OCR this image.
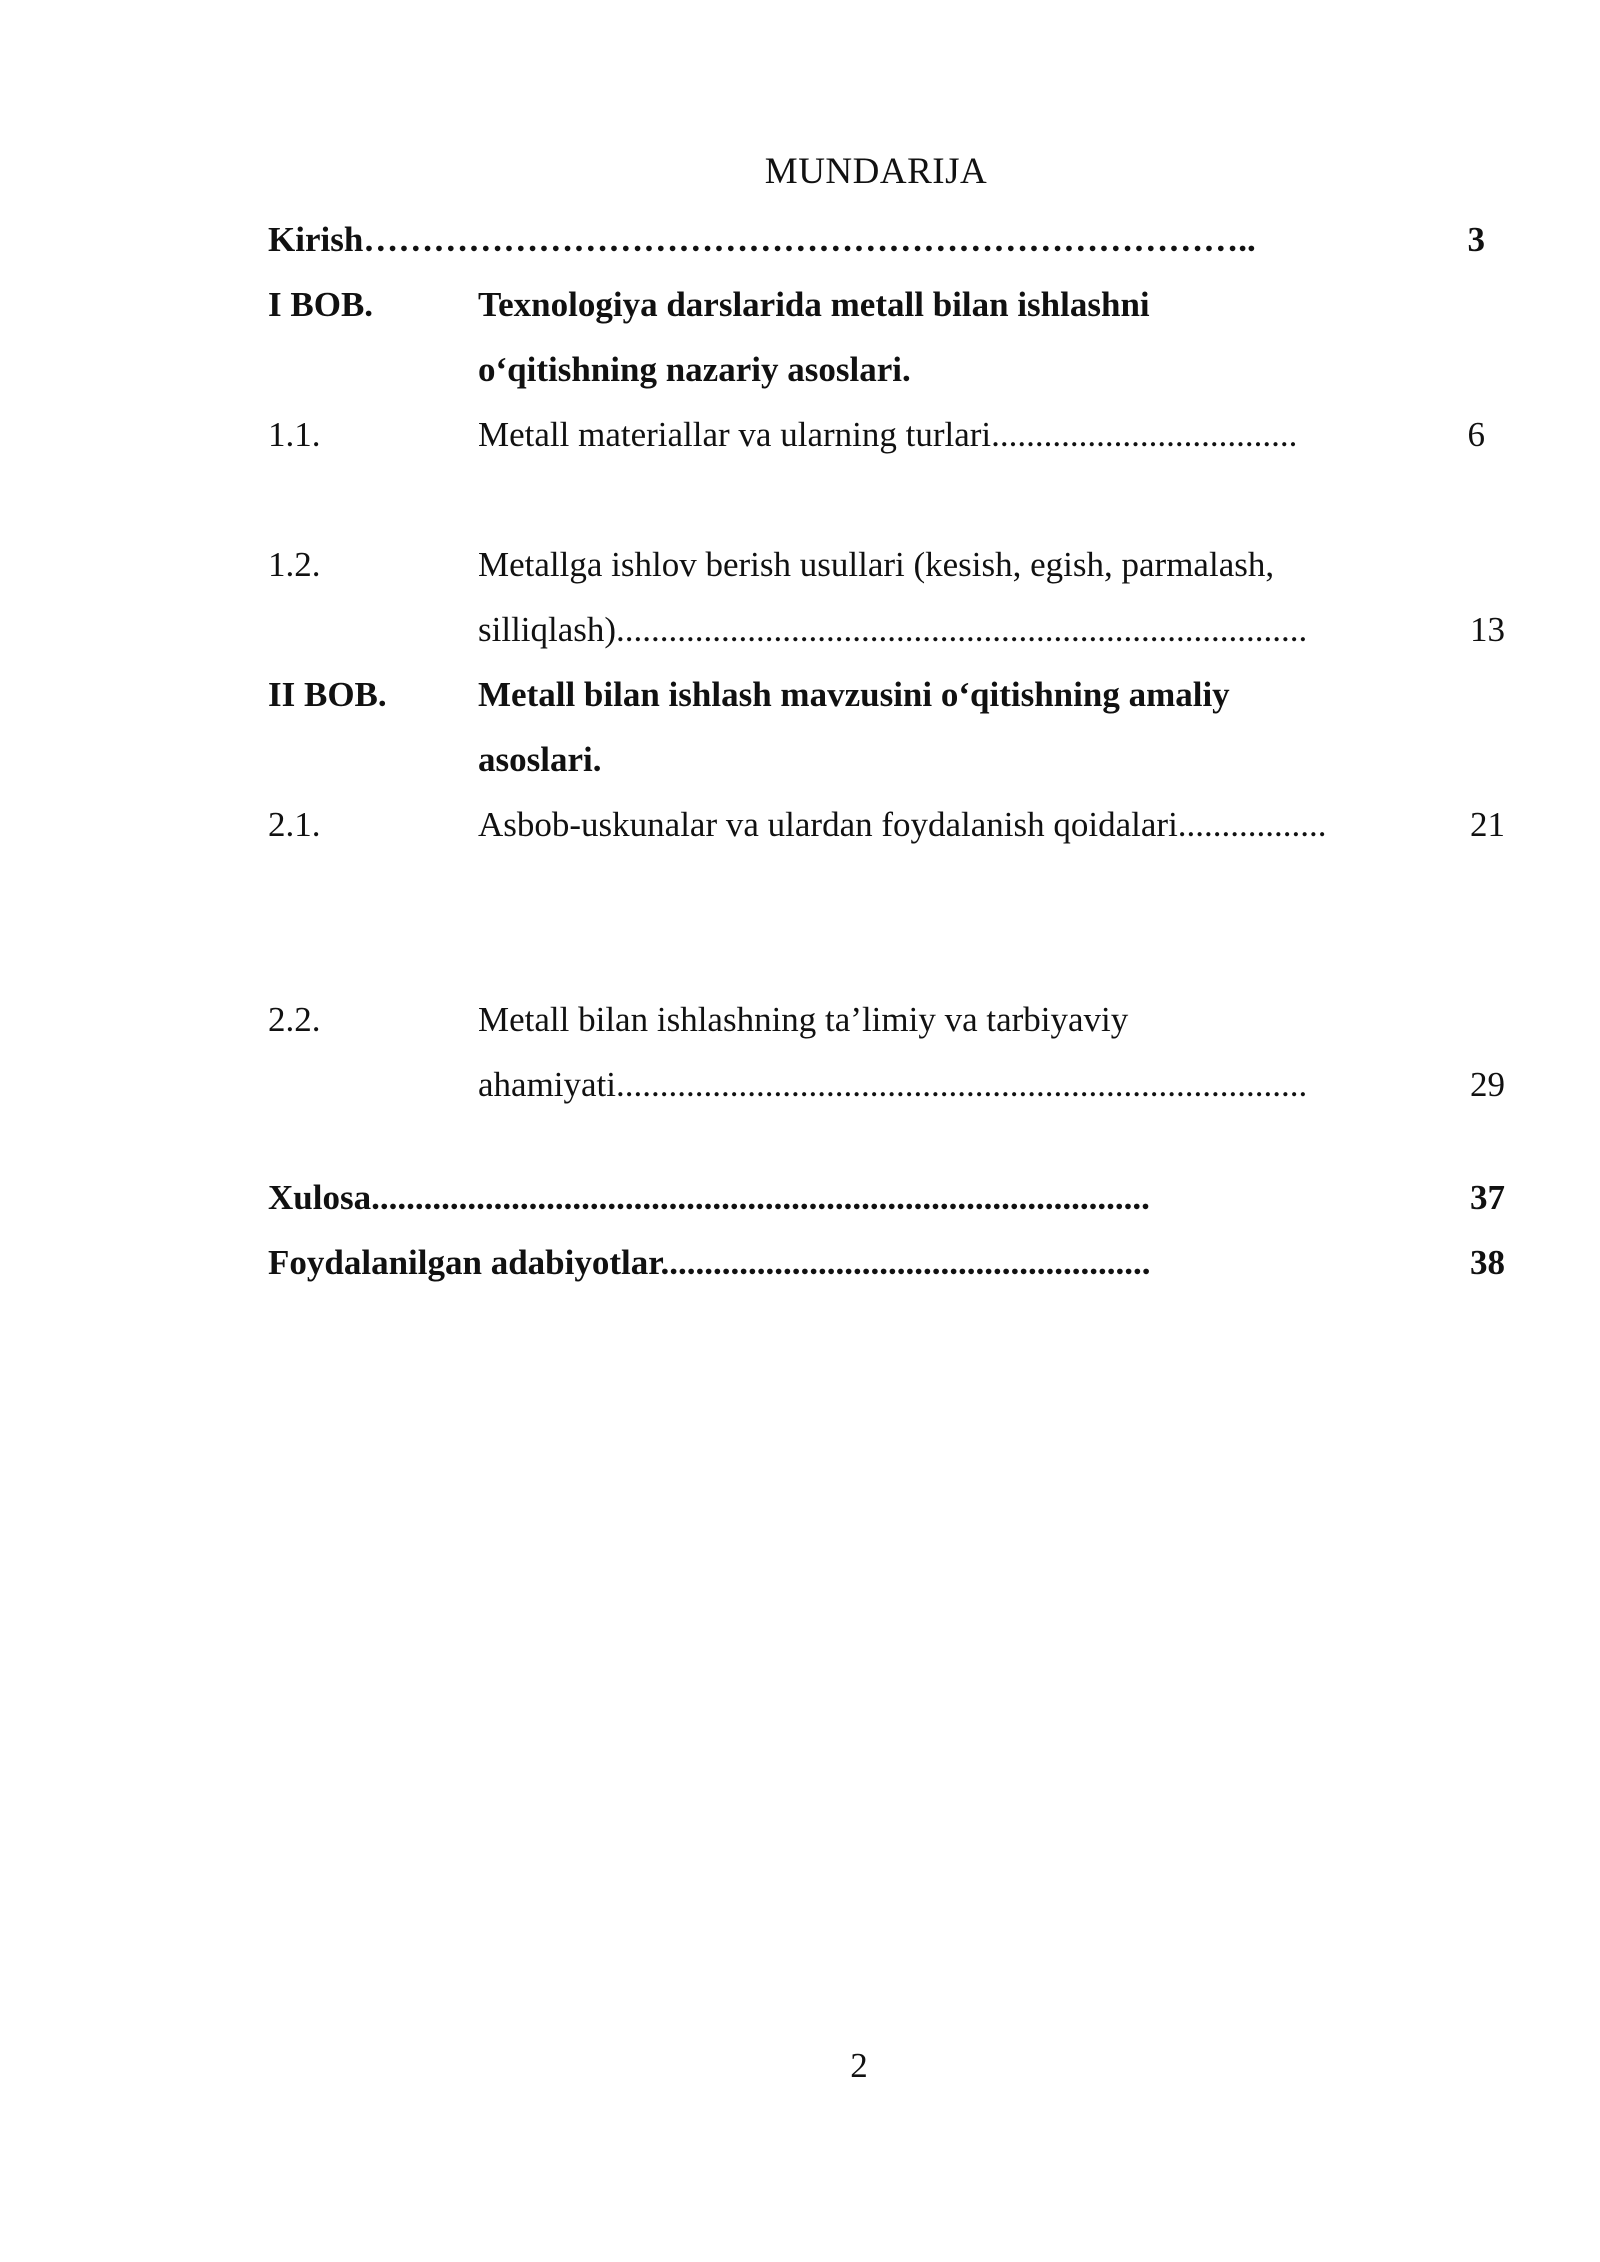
MUNDARIJA
Kirish…………………………………………………………………..	3
I BOB.	Texnologiya darslarida metall bilan ishlashni
o‘qitishning nazariy asoslari.
1.1.	Metall materiallar va ularning turlari...................................	6
1.2.	Metallga ishlov berish usullari (kesish, egish, parmalash,
silliqlash)...............................................................................	13
II BOB.	Metall bilan ishlash mavzusini o‘qitishning amaliy
asoslari.
2.1.	Asbob-uskunalar va ulardan foydalanish qoidalari.................	21
2.2.	Metall bilan ishlashning ta’limiy va tarbiyaviy
ahamiyati...............................................................................	29
Xulosa.........................................................................................	37
Foydalanilgan adabiyotlar........................................................	38
2
